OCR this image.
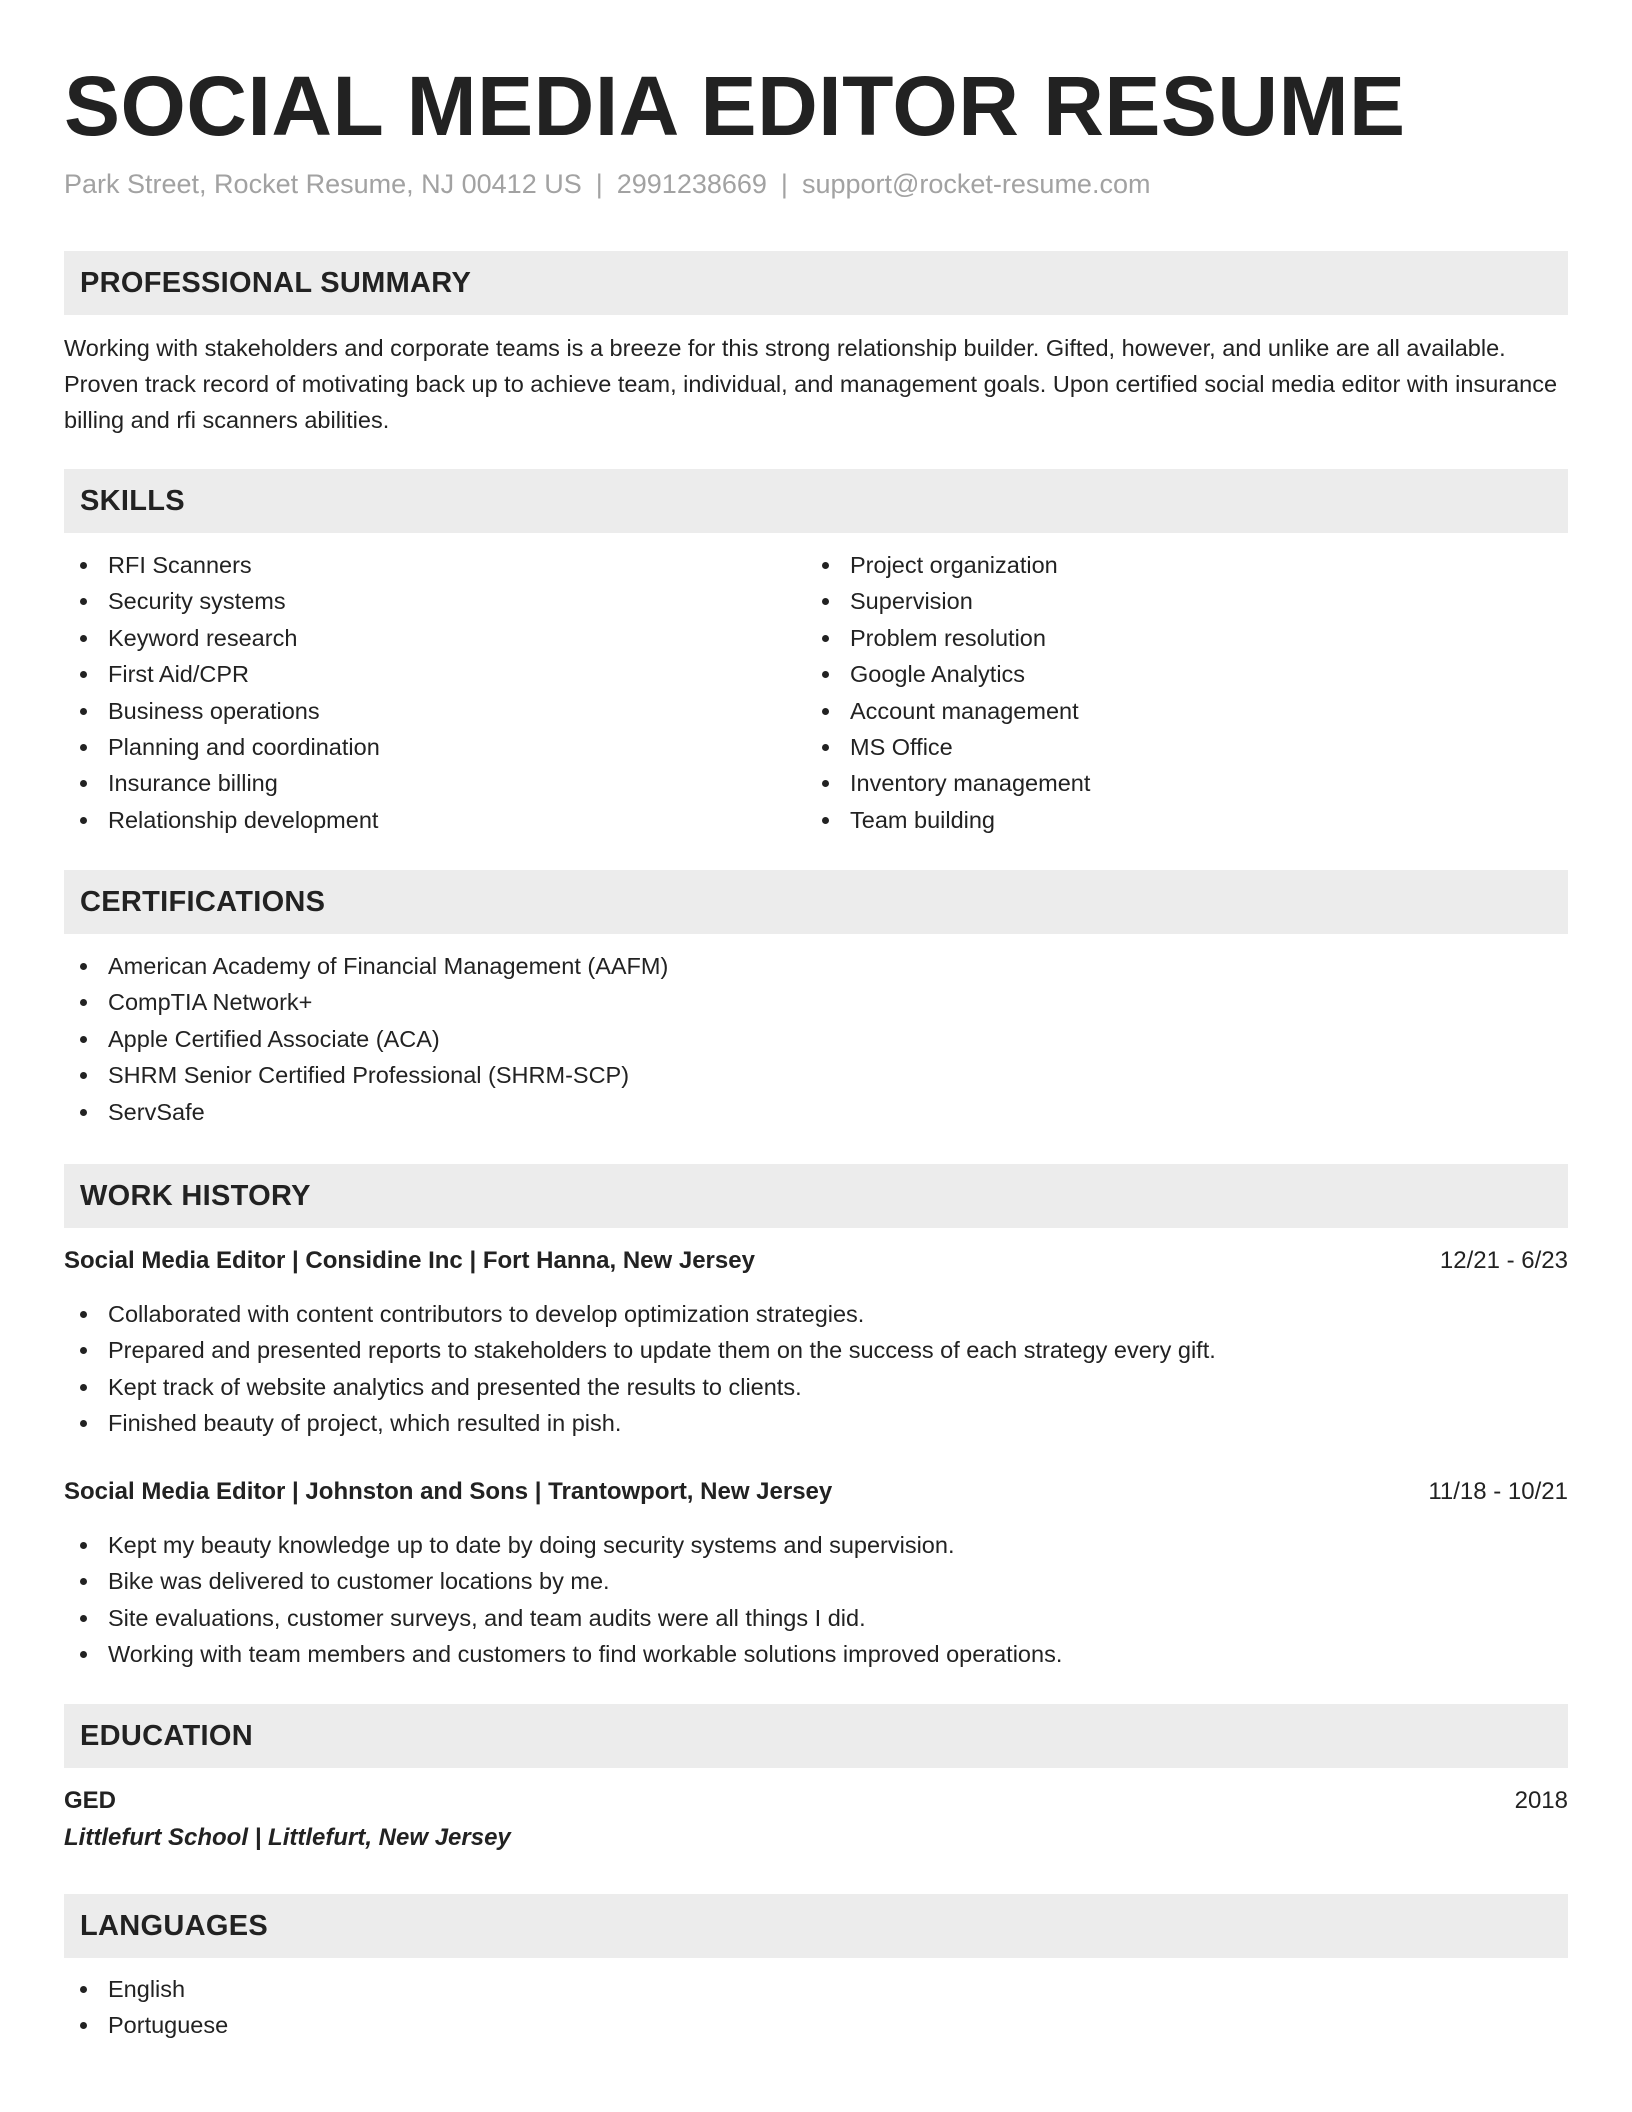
SOCIAL MEDIA EDITOR RESUME
Park Street, Rocket Resume, NJ 00412 US | 2991238669 | support@rocket-resume.com
PROFESSIONAL SUMMARY
Working with stakeholders and corporate teams is a breeze for this strong relationship builder. Gifted, however, and unlike are all available. Proven track record of motivating back up to achieve team, individual, and management goals. Upon certified social media editor with insurance billing and rfi scanners abilities.
SKILLS
RFI Scanners
Security systems
Keyword research
First Aid/CPR
Business operations
Planning and coordination
Insurance billing
Relationship development
Project organization
Supervision
Problem resolution
Google Analytics
Account management
MS Office
Inventory management
Team building
CERTIFICATIONS
American Academy of Financial Management (AAFM)
CompTIA Network+
Apple Certified Associate (ACA)
SHRM Senior Certified Professional (SHRM-SCP)
ServSafe
WORK HISTORY
Social Media Editor | Considine Inc | Fort Hanna, New Jersey	12/21 - 6/23
Collaborated with content contributors to develop optimization strategies.
Prepared and presented reports to stakeholders to update them on the success of each strategy every gift.
Kept track of website analytics and presented the results to clients.
Finished beauty of project, which resulted in pish.
Social Media Editor | Johnston and Sons | Trantowport, New Jersey	11/18 - 10/21
Kept my beauty knowledge up to date by doing security systems and supervision.
Bike was delivered to customer locations by me.
Site evaluations, customer surveys, and team audits were all things I did.
Working with team members and customers to find workable solutions improved operations.
EDUCATION
GED	2018
Littlefurt School | Littlefurt, New Jersey
LANGUAGES
English
Portuguese
